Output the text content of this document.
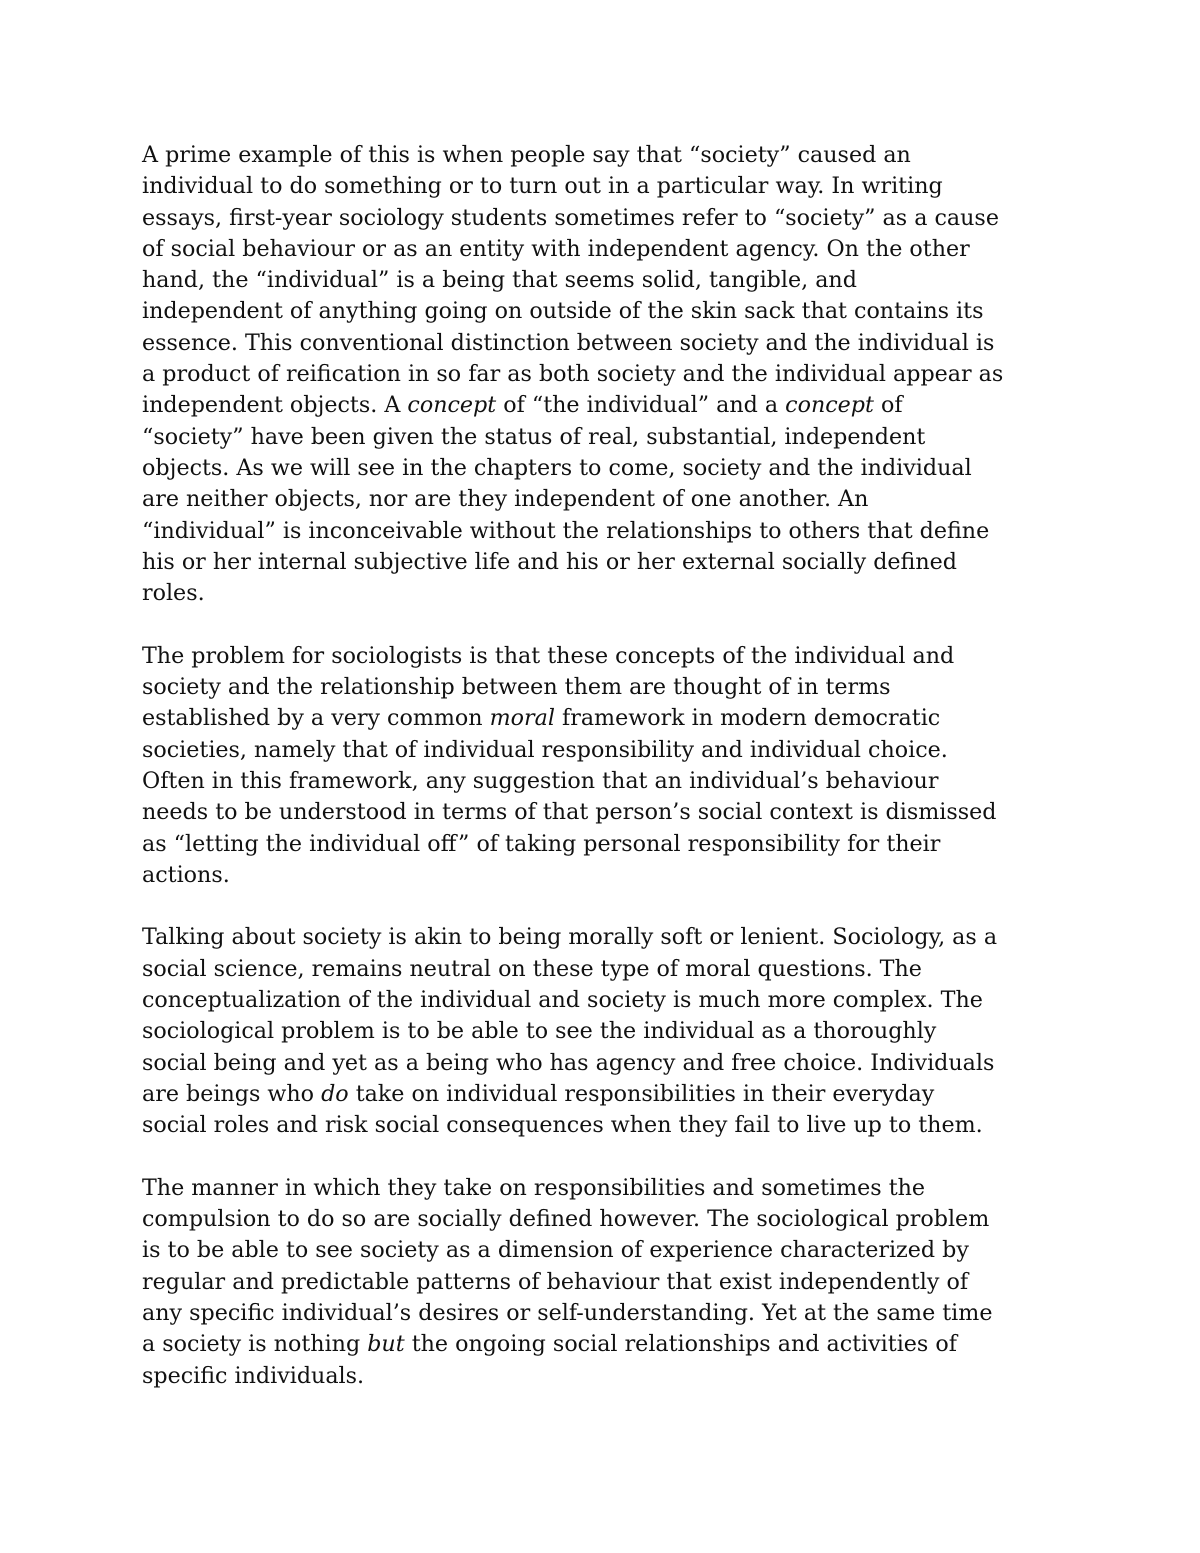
A prime example of this is when people say that “society” caused an
individual to do something or to turn out in a particular way. In writing
essays, first-year sociology students sometimes refer to “society” as a cause
of social behaviour or as an entity with independent agency. On the other
hand, the “individual” is a being that seems solid, tangible, and
independent of anything going on outside of the skin sack that contains its
essence. This conventional distinction between society and the individual is
a product of reification in so far as both society and the individual appear as
independent objects. A concept of “the individual” and a concept of
“society” have been given the status of real, substantial, independent
objects. As we will see in the chapters to come, society and the individual
are neither objects, nor are they independent of one another. An
“individual” is inconceivable without the relationships to others that define
his or her internal subjective life and his or her external socially defined
roles.
The problem for sociologists is that these concepts of the individual and
society and the relationship between them are thought of in terms
established by a very common moral framework in modern democratic
societies, namely that of individual responsibility and individual choice.
Often in this framework, any suggestion that an individual’s behaviour
needs to be understood in terms of that person’s social context is dismissed
as “letting the individual off” of taking personal responsibility for their
actions.
Talking about society is akin to being morally soft or lenient. Sociology, as a
social science, remains neutral on these type of moral questions. The
conceptualization of the individual and society is much more complex. The
sociological problem is to be able to see the individual as a thoroughly
social being and yet as a being who has agency and free choice. Individuals
are beings who do take on individual responsibilities in their everyday
social roles and risk social consequences when they fail to live up to them.
The manner in which they take on responsibilities and sometimes the
compulsion to do so are socially defined however. The sociological problem
is to be able to see society as a dimension of experience characterized by
regular and predictable patterns of behaviour that exist independently of
any specific individual’s desires or self-understanding. Yet at the same time
a society is nothing but the ongoing social relationships and activities of
specific individuals.
